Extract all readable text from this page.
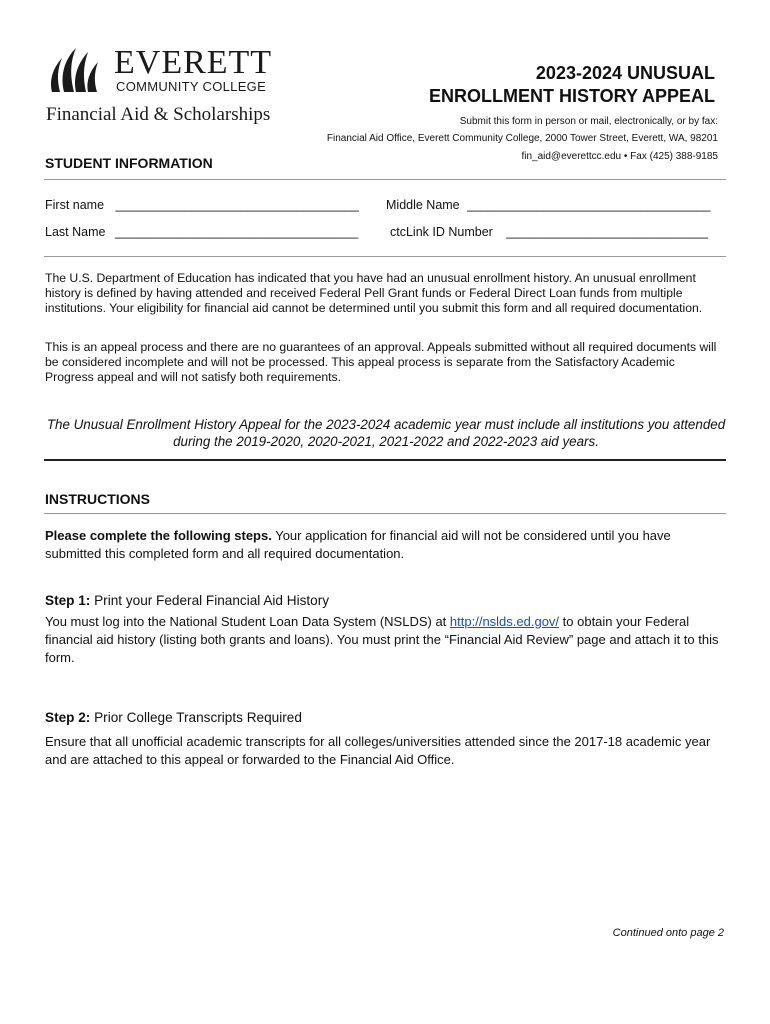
EVERETT
COMMUNITY COLLEGE
Financial Aid & Scholarships
2023-2024 UNUSUAL
ENROLLMENT HISTORY APPEAL
Submit this form in person or mail, electronically, or by fax:
Financial Aid Office, Everett Community College, 2000 Tower Street, Everett, WA, 98201
fin_aid@everettcc.edu • Fax (425) 388-9185
STUDENT INFORMATION
First name ___________________________________ Middle Name ___________________________________
Last Name ___________________________________	ctcLink ID Number _____________________________
The U.S. Department of Education has indicated that you have had an unusual enrollment history. An unusual enrollment history is defined by having attended and received Federal Pell Grant funds or Federal Direct Loan funds from multiple institutions. Your eligibility for financial aid cannot be determined until you submit this form and all required documentation.
This is an appeal process and there are no guarantees of an approval. Appeals submitted without all required documents will be considered incomplete and will not be processed. This appeal process is separate from the Satisfactory Academic Progress appeal and will not satisfy both requirements.
The Unusual Enrollment History Appeal for the 2023-2024 academic year must include all institutions you attended during the 2019-2020, 2020-2021, 2021-2022 and 2022-2023 aid years.
INSTRUCTIONS
Please complete the following steps. Your application for financial aid will not be considered until you have submitted this completed form and all required documentation.
Step 1: Print your Federal Financial Aid History
You must log into the National Student Loan Data System (NSLDS) at http://nslds.ed.gov/ to obtain your Federal financial aid history (listing both grants and loans). You must print the “Financial Aid Review” page and attach it to this form.
Step 2: Prior College Transcripts Required
Ensure that all unofficial academic transcripts for all colleges/universities attended since the 2017-18 academic year and are attached to this appeal or forwarded to the Financial Aid Office.
Continued onto page 2
